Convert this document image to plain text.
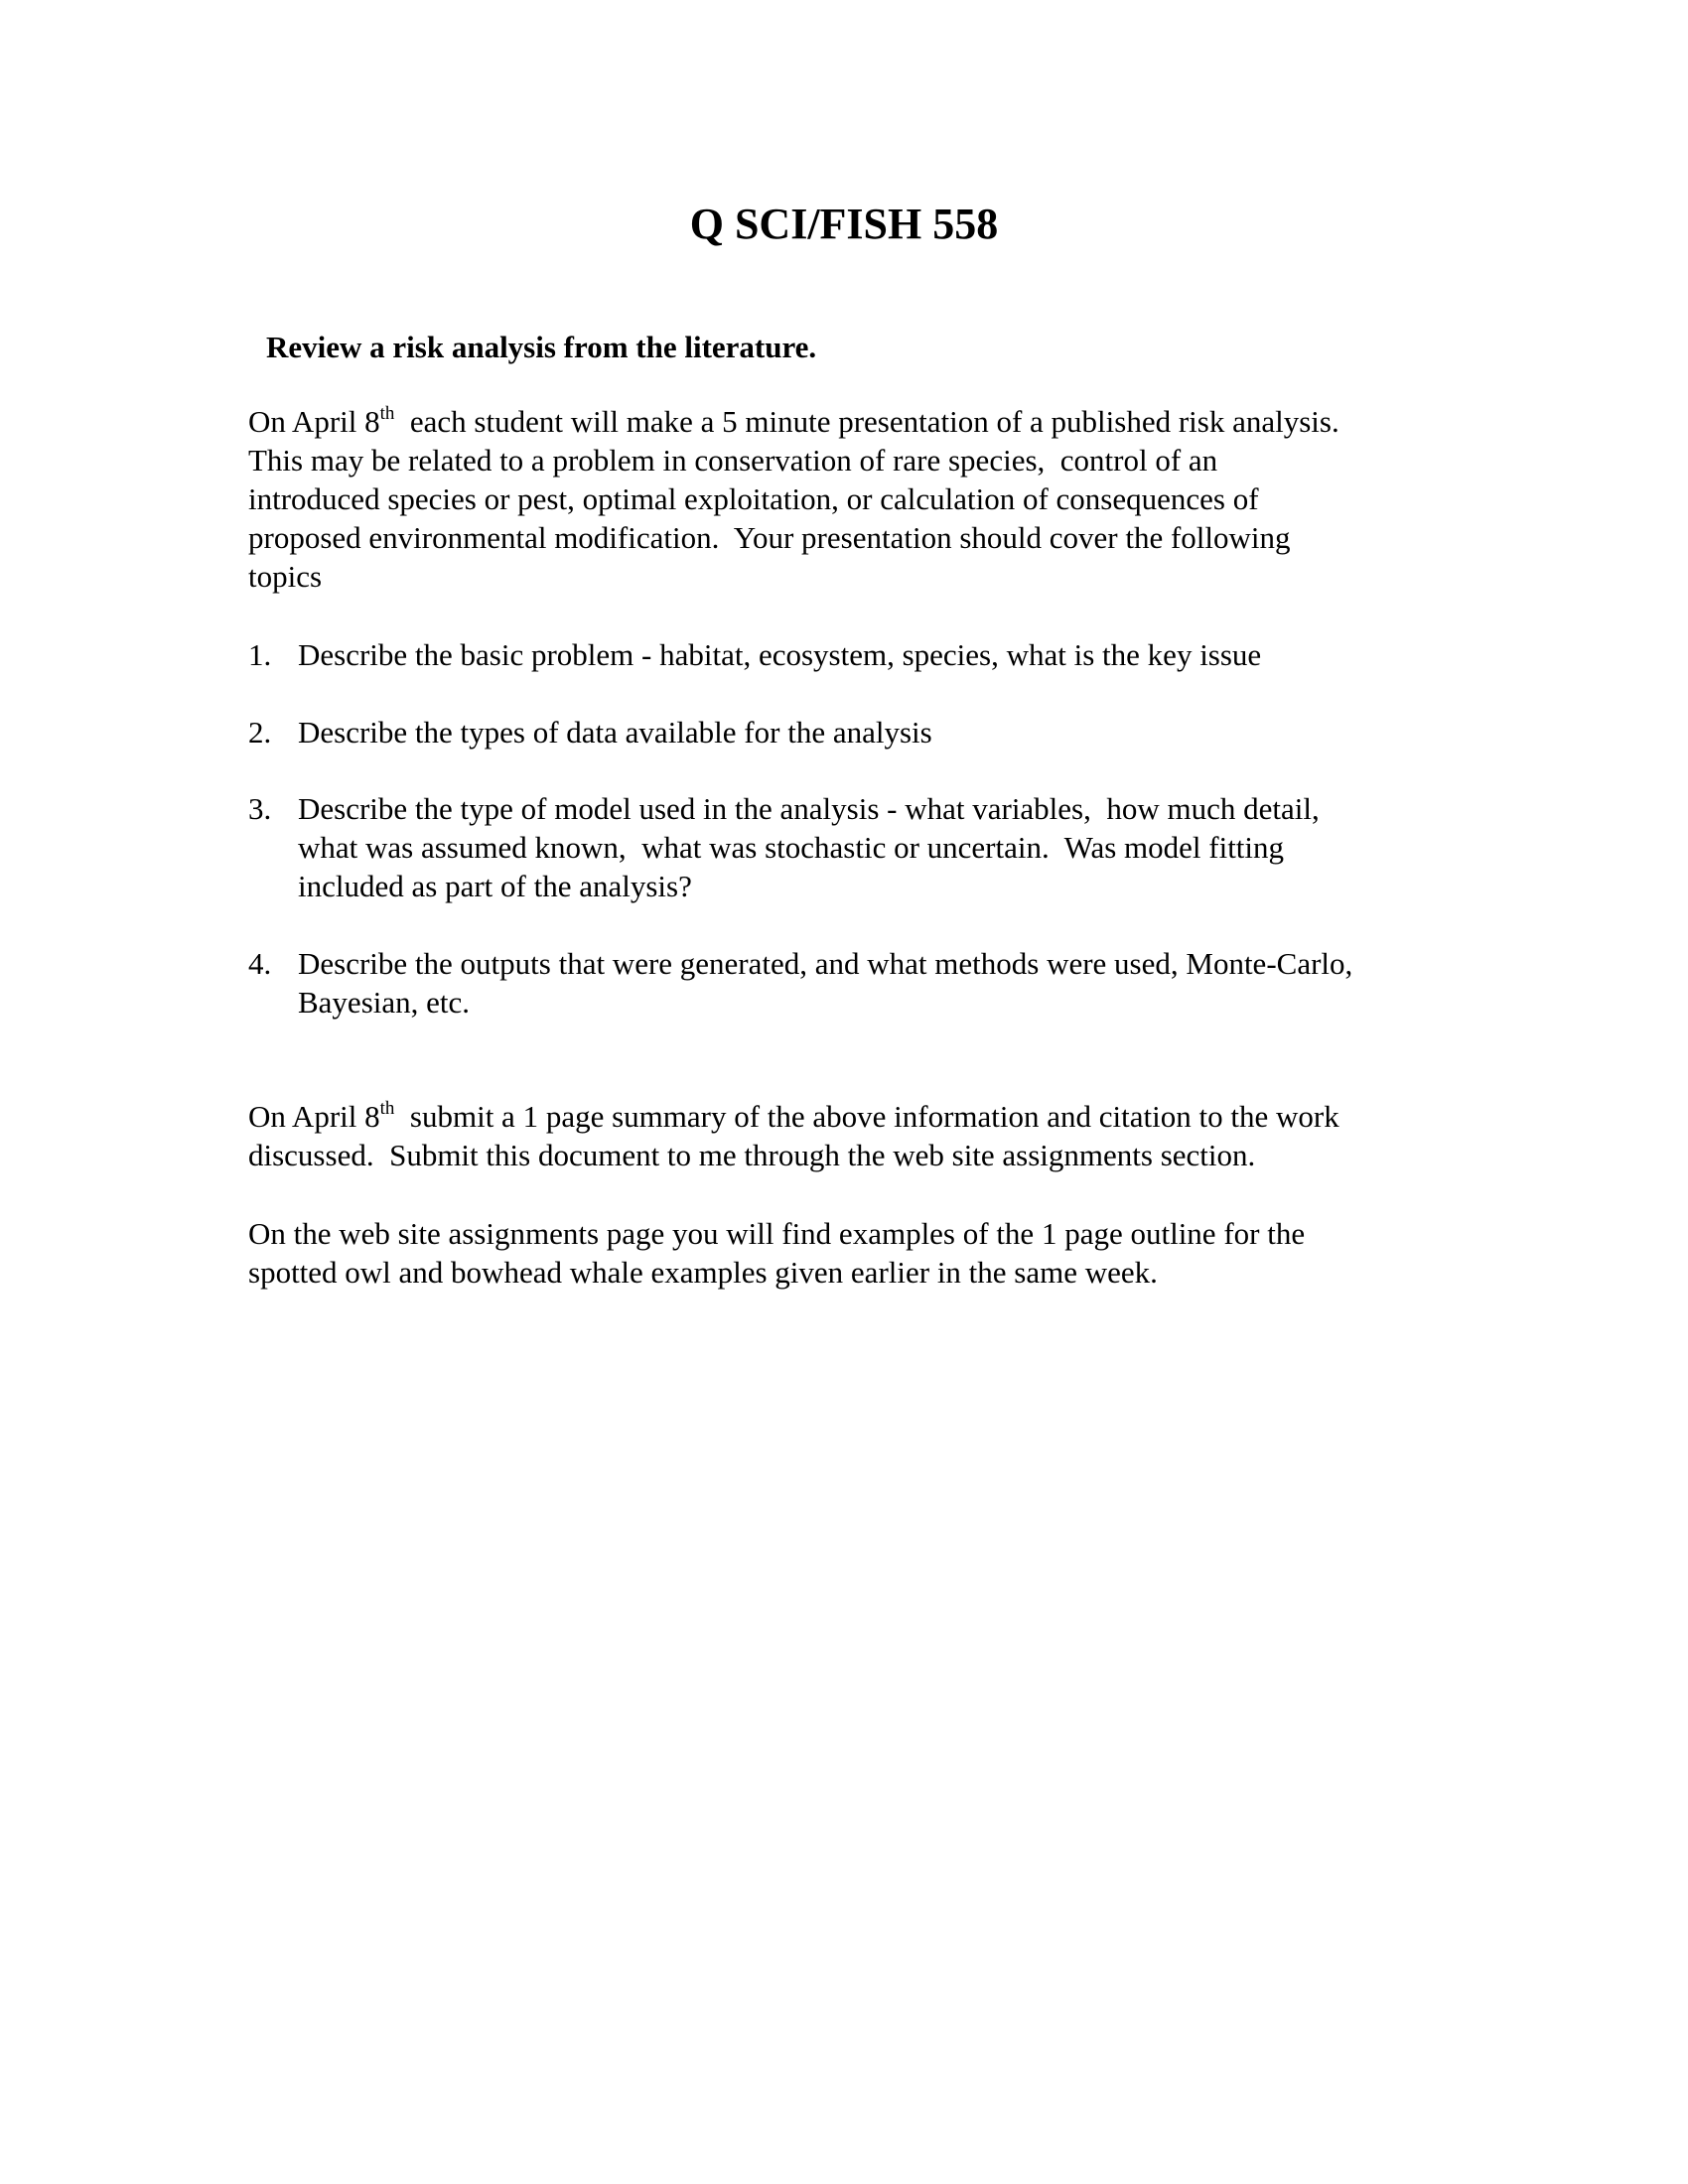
Q SCI/FISH 558
Review a risk analysis from the literature.
On April 8th  each student will make a 5 minute presentation of a published risk analysis.
This may be related to a problem in conservation of rare species,  control of an
introduced species or pest, optimal exploitation, or calculation of consequences of
proposed environmental modification.  Your presentation should cover the following
topics
1. Describe the basic problem - habitat, ecosystem, species, what is the key issue
2. Describe the types of data available for the analysis
3. Describe the type of model used in the analysis - what variables,  how much detail,
what was assumed known,  what was stochastic or uncertain.  Was model fitting
included as part of the analysis?
4. Describe the outputs that were generated, and what methods were used, Monte-Carlo,
Bayesian, etc.
On April 8th  submit a 1 page summary of the above information and citation to the work
discussed.  Submit this document to me through the web site assignments section.
On the web site assignments page you will find examples of the 1 page outline for the
spotted owl and bowhead whale examples given earlier in the same week.
